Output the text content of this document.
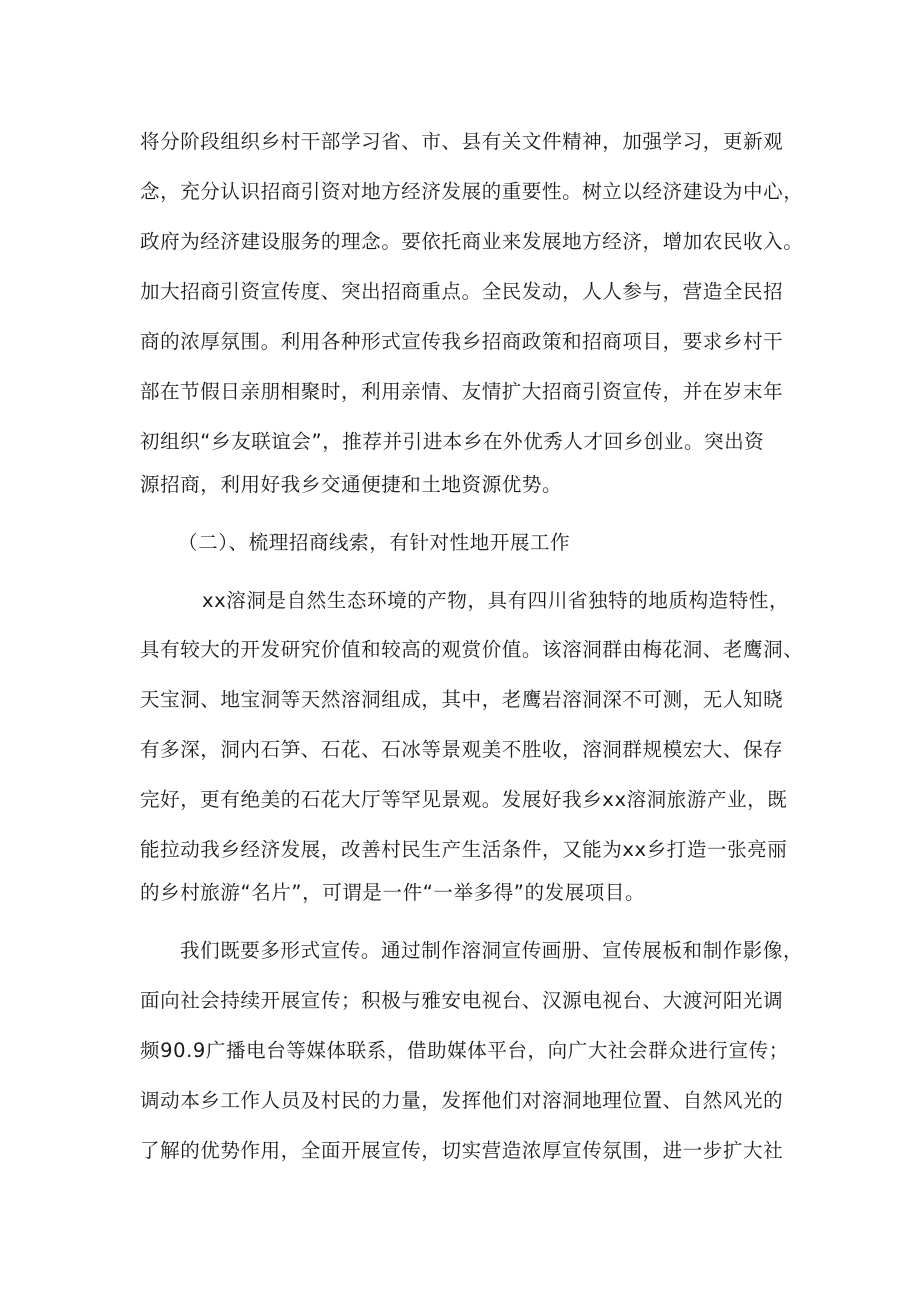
将分阶段组织乡村干部学习省、市、县有关文件精神，加强学习，更新观
念，充分认识招商引资对地方经济发展的重要性。树立以经济建设为中心，
政府为经济建设服务的理念。要依托商业来发展地方经济，增加农民收入。
加大招商引资宣传度、突出招商重点。全民发动，人人参与，营造全民招
商的浓厚氛围。利用各种形式宣传我乡招商政策和招商项目，要求乡村干
部在节假日亲朋相聚时，利用亲情、友情扩大招商引资宣传，并在岁末年
初组织“乡友联谊会”，推荐并引进本乡在外优秀人才回乡创业。突出资
源招商，利用好我乡交通便捷和土地资源优势。
（二）、梳理招商线索，有针对性地开展工作
xx溶洞是自然生态环境的产物，具有四川省独特的地质构造特性，
具有较大的开发研究价值和较高的观赏价值。该溶洞群由梅花洞、老鹰洞、
天宝洞、地宝洞等天然溶洞组成，其中，老鹰岩溶洞深不可测，无人知晓
有多深，洞内石笋、石花、石冰等景观美不胜收，溶洞群规模宏大、保存
完好，更有绝美的石花大厅等罕见景观。发展好我乡xx溶洞旅游产业，既
能拉动我乡经济发展，改善村民生产生活条件，又能为xx乡打造一张亮丽
的乡村旅游“名片”，可谓是一件“一举多得”的发展项目。
我们既要多形式宣传。通过制作溶洞宣传画册、宣传展板和制作影像，
面向社会持续开展宣传；积极与雅安电视台、汉源电视台、大渡河阳光调
频90.9广播电台等媒体联系，借助媒体平台，向广大社会群众进行宣传；
调动本乡工作人员及村民的力量，发挥他们对溶洞地理位置、自然风光的
了解的优势作用，全面开展宣传，切实营造浓厚宣传氛围，进一步扩大社
